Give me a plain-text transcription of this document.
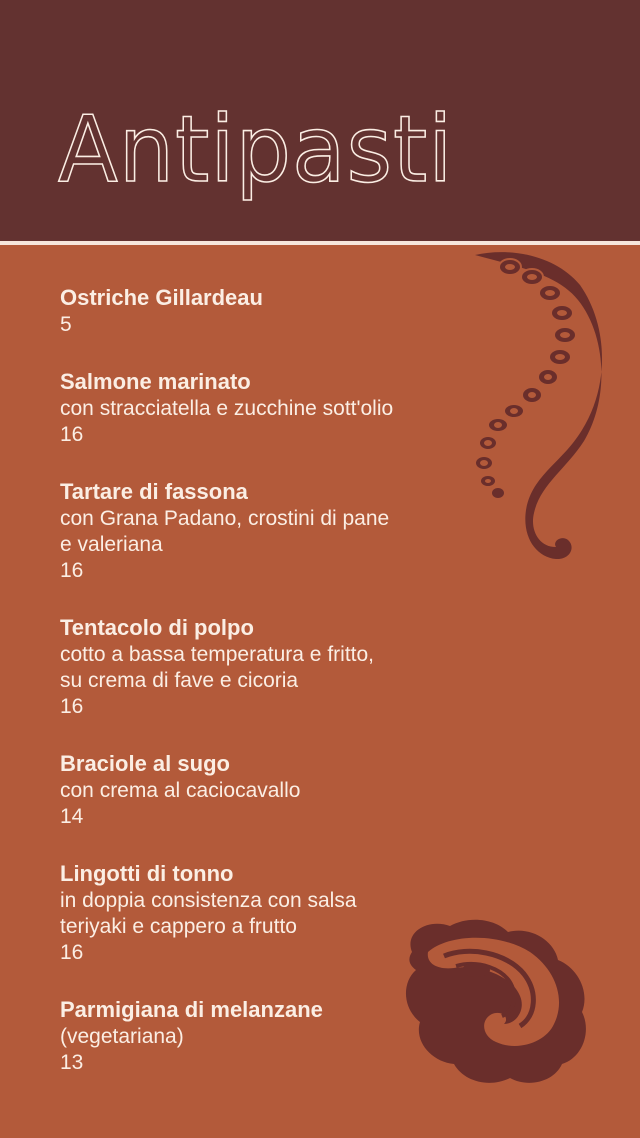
Antipasti
Ostriche Gillardeau
5
Salmone marinato
con stracciatella e zucchine sott'olio
16
Tartare di fassona
con Grana Padano, crostini di pane
e valeriana
16
Tentacolo di polpo
cotto a bassa temperatura e fritto,
su crema di fave e cicoria
16
Braciole al sugo
con crema al caciocavallo
14
Lingotti di tonno
in doppia consistenza con salsa
teriyaki e cappero a frutto
16
Parmigiana di melanzane
(vegetariana)
13
